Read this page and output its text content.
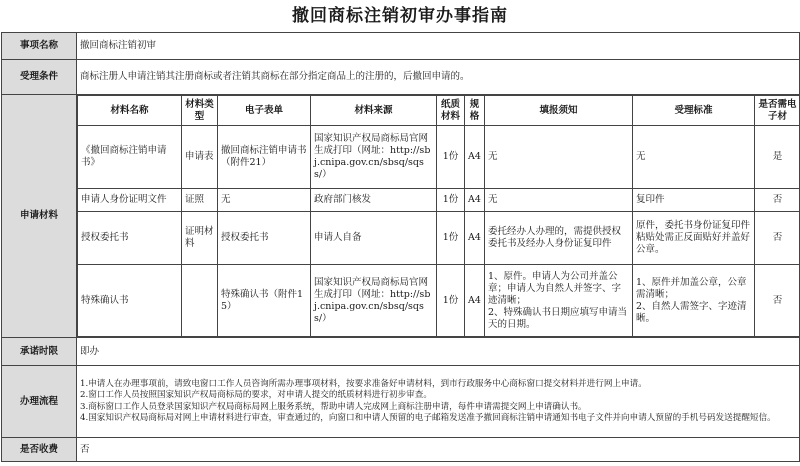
撤回商标注销初审办事指南
事项名称	撤回商标注销初审
受理条件	商标注册人申请注销其注册商标或者注销其商标在部分指定商品上的注册的，后撤回申请的。
申请材料	
材料名称	材料类型	电子表单	材料来源	纸质材料	规格	填报须知	受理标准	是否需电子材
《撤回商标注销申请书》	申请表	撤回商标注销申请书（附件21）	国家知识产权局商标局官网生成打印（网址：http://sbj.cnipa.gov.cn/sbsq/sqss/）	1份	A4	无	无	是
申请人身份证明文件	证照	无	政府部门核发	1份	A4	无	复印件	否
授权委托书	证明材料	授权委托书	申请人自备	1份	A4	委托经办人办理的，需提供授权委托书及经办人身份证复印件	原件，委托书身份证复印件粘贴处需正反面贴好并盖好公章。	否
特殊确认书		特殊确认书（附件15）	国家知识产权局商标局官网生成打印（网址：http://sbj.cnipa.gov.cn/sbsq/sqss/）	1份	A4	1、原件。申请人为公司并盖公章；申请人为自然人并签字、字迹清晰；
2、特殊确认书日期应填写申请当天的日期。	1、原件并加盖公章，公章需清晰；
2、自然人需签字、字迹清晰。	否

承诺时限	即办
办理流程	

1.申请人在办理事项前，请致电窗口工作人员咨询所需办理事项材料，按要求准备好申请材料，到市行政服务中心商标窗口提交材料并进行网上申请。

2.窗口工作人员按照国家知识产权局商标局的要求，对申请人提交的纸质材料进行初步审查。

3.商标窗口工作人员登录国家知识产权局商标局网上服务系统，帮助申请人完成网上商标注册申请，每件申请需提交网上申请确认书。

4.国家知识产权局商标局对网上申请材料进行审查，审查通过的，向窗口和申请人预留的电子邮箱发送准予撤回商标注销申请通知书电子文件并向申请人预留的手机号码发送提醒短信。

是否收费	否
